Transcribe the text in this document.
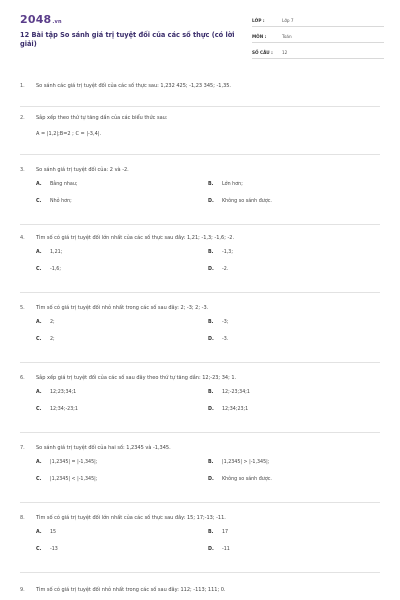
2048.vn
12 Bài tập So sánh giá trị tuyệt đối của các số thực (có lời giải)
LỚP :	Lớp 7
MÔN :	Toán
SỐ CÂU :	12
1.	So sánh các giá trị tuyệt đối của các số thực sau: 1,232 425; -1,23 345; -1,35.
2.	Sắp xếp theo thứ tự tăng dần của các biểu thức sau:
A = |1,2|;B=2 ; C = |-3,4|.
3.	So sánh giá trị tuyệt đối của: 2 và -2.
A.	Bằng nhau;	B.	Lớn hơn;
C.	Nhỏ hơn;	D.	Không so sánh được.
4.	Tìm số có giá trị tuyệt đối lớn nhất của các số thực sau đây: 1,21; -1,3; -1,6; -2.
A.	1,21;	B.	-1,3;
C.	-1,6;	D.	-2.
5.	Tìm số có giá trị tuyệt đối nhỏ nhất trong các số sau đây: 2; -3; 2; -3.
A.	2;	B.	-3;
C.	2;	D.	-3.
6.	Sắp xếp giá trị tuyệt đối của các số sau đây theo thứ tự tăng dần: 12;-23; 34; 1.
A.	12;23;34;1	B.	12;-23;34;1
C.	12;34;-23;1	D.	12;34;23;1
7.	So sánh giá trị tuyệt đối của hai số: 1,2345 và -1,345.
A.	|1,2345| = |-1,345|;	B.	|1,2345| > |-1,345|;
C.	|1,2345| < |-1,345|;	D.	Không so sánh được.
8.	Tìm số có giá trị tuyệt đối lớn nhất của các số thực sau đây: 15; 17;-13; -11.
A.	15	B.	17
C.	-13	D.	-11
9.	Tìm số có giá trị tuyệt đối nhỏ nhất trong các số sau đây: 112; -113; 111; 0.
